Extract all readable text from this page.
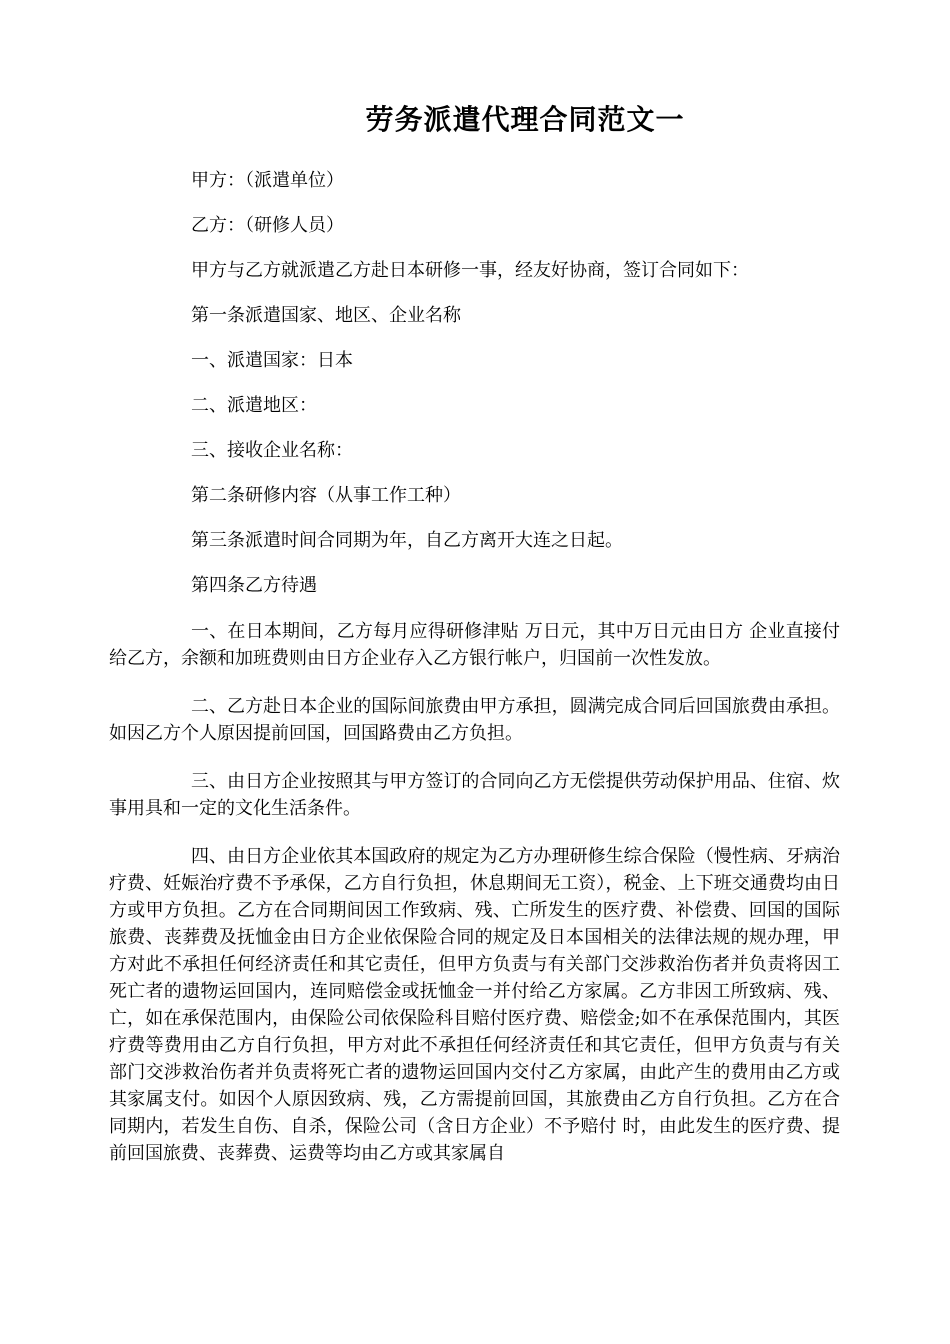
劳务派遣代理合同范文一

甲方：（派遣单位）

乙方：（研修人员）

甲方与乙方就派遣乙方赴日本研修一事，经友好协商，签订合同如下：

第一条派遣国家、地区、企业名称

一、派遣国家：日本

二、派遣地区：

三、接收企业名称：

第二条研修内容（从事工作工种）

第三条派遣时间合同期为年，自乙方离开大连之日起。

第四条乙方待遇

一、在日本期间，乙方每月应得研修津贴 万日元，其中万日元由日方 企业直接付给乙方，余额和加班费则由日方企业存入乙方银行帐户，归国前一次性发放。

二、乙方赴日本企业的国际间旅费由甲方承担，圆满完成合同后回国旅费由承担。如因乙方个人原因提前回国，回国路费由乙方负担。

三、由日方企业按照其与甲方签订的合同向乙方无偿提供劳动保护用品、住宿、炊事用具和一定的文化生活条件。

四、由日方企业依其本国政府的规定为乙方办理研修生综合保险（慢性病、牙病治疗费、妊娠治疗费不予承保，乙方自行负担，休息期间无工资），税金、上下班交通费均由日方或甲方负担。乙方在合同期间因工作致病、残、亡所发生的医疗费、补偿费、回国的国际旅费、丧葬费及抚恤金由日方企业依保险合同的规定及日本国相关的法律法规的规办理，甲方对此不承担任何经济责任和其它责任，但甲方负责与有关部门交涉救治伤者并负责将因工死亡者的遗物运回国内，连同赔偿金或抚恤金一并付给乙方家属。乙方非因工所致病、残、亡，如在承保范围内，由保险公司依保险科目赔付医疗费、赔偿金;如不在承保范围内，其医疗费等费用由乙方自行负担，甲方对此不承担任何经济责任和其它责任，但甲方负责与有关部门交涉救治伤者并负责将死亡者的遗物运回国内交付乙方家属，由此产生的费用由乙方或其家属支付。如因个人原因致病、残，乙方需提前回国，其旅费由乙方自行负担。乙方在合同期内，若发生自伤、自杀，保险公司（含日方企业）不予赔付 时，由此发生的医疗费、提前回国旅费、丧葬费、运费等均由乙方或其家属自
